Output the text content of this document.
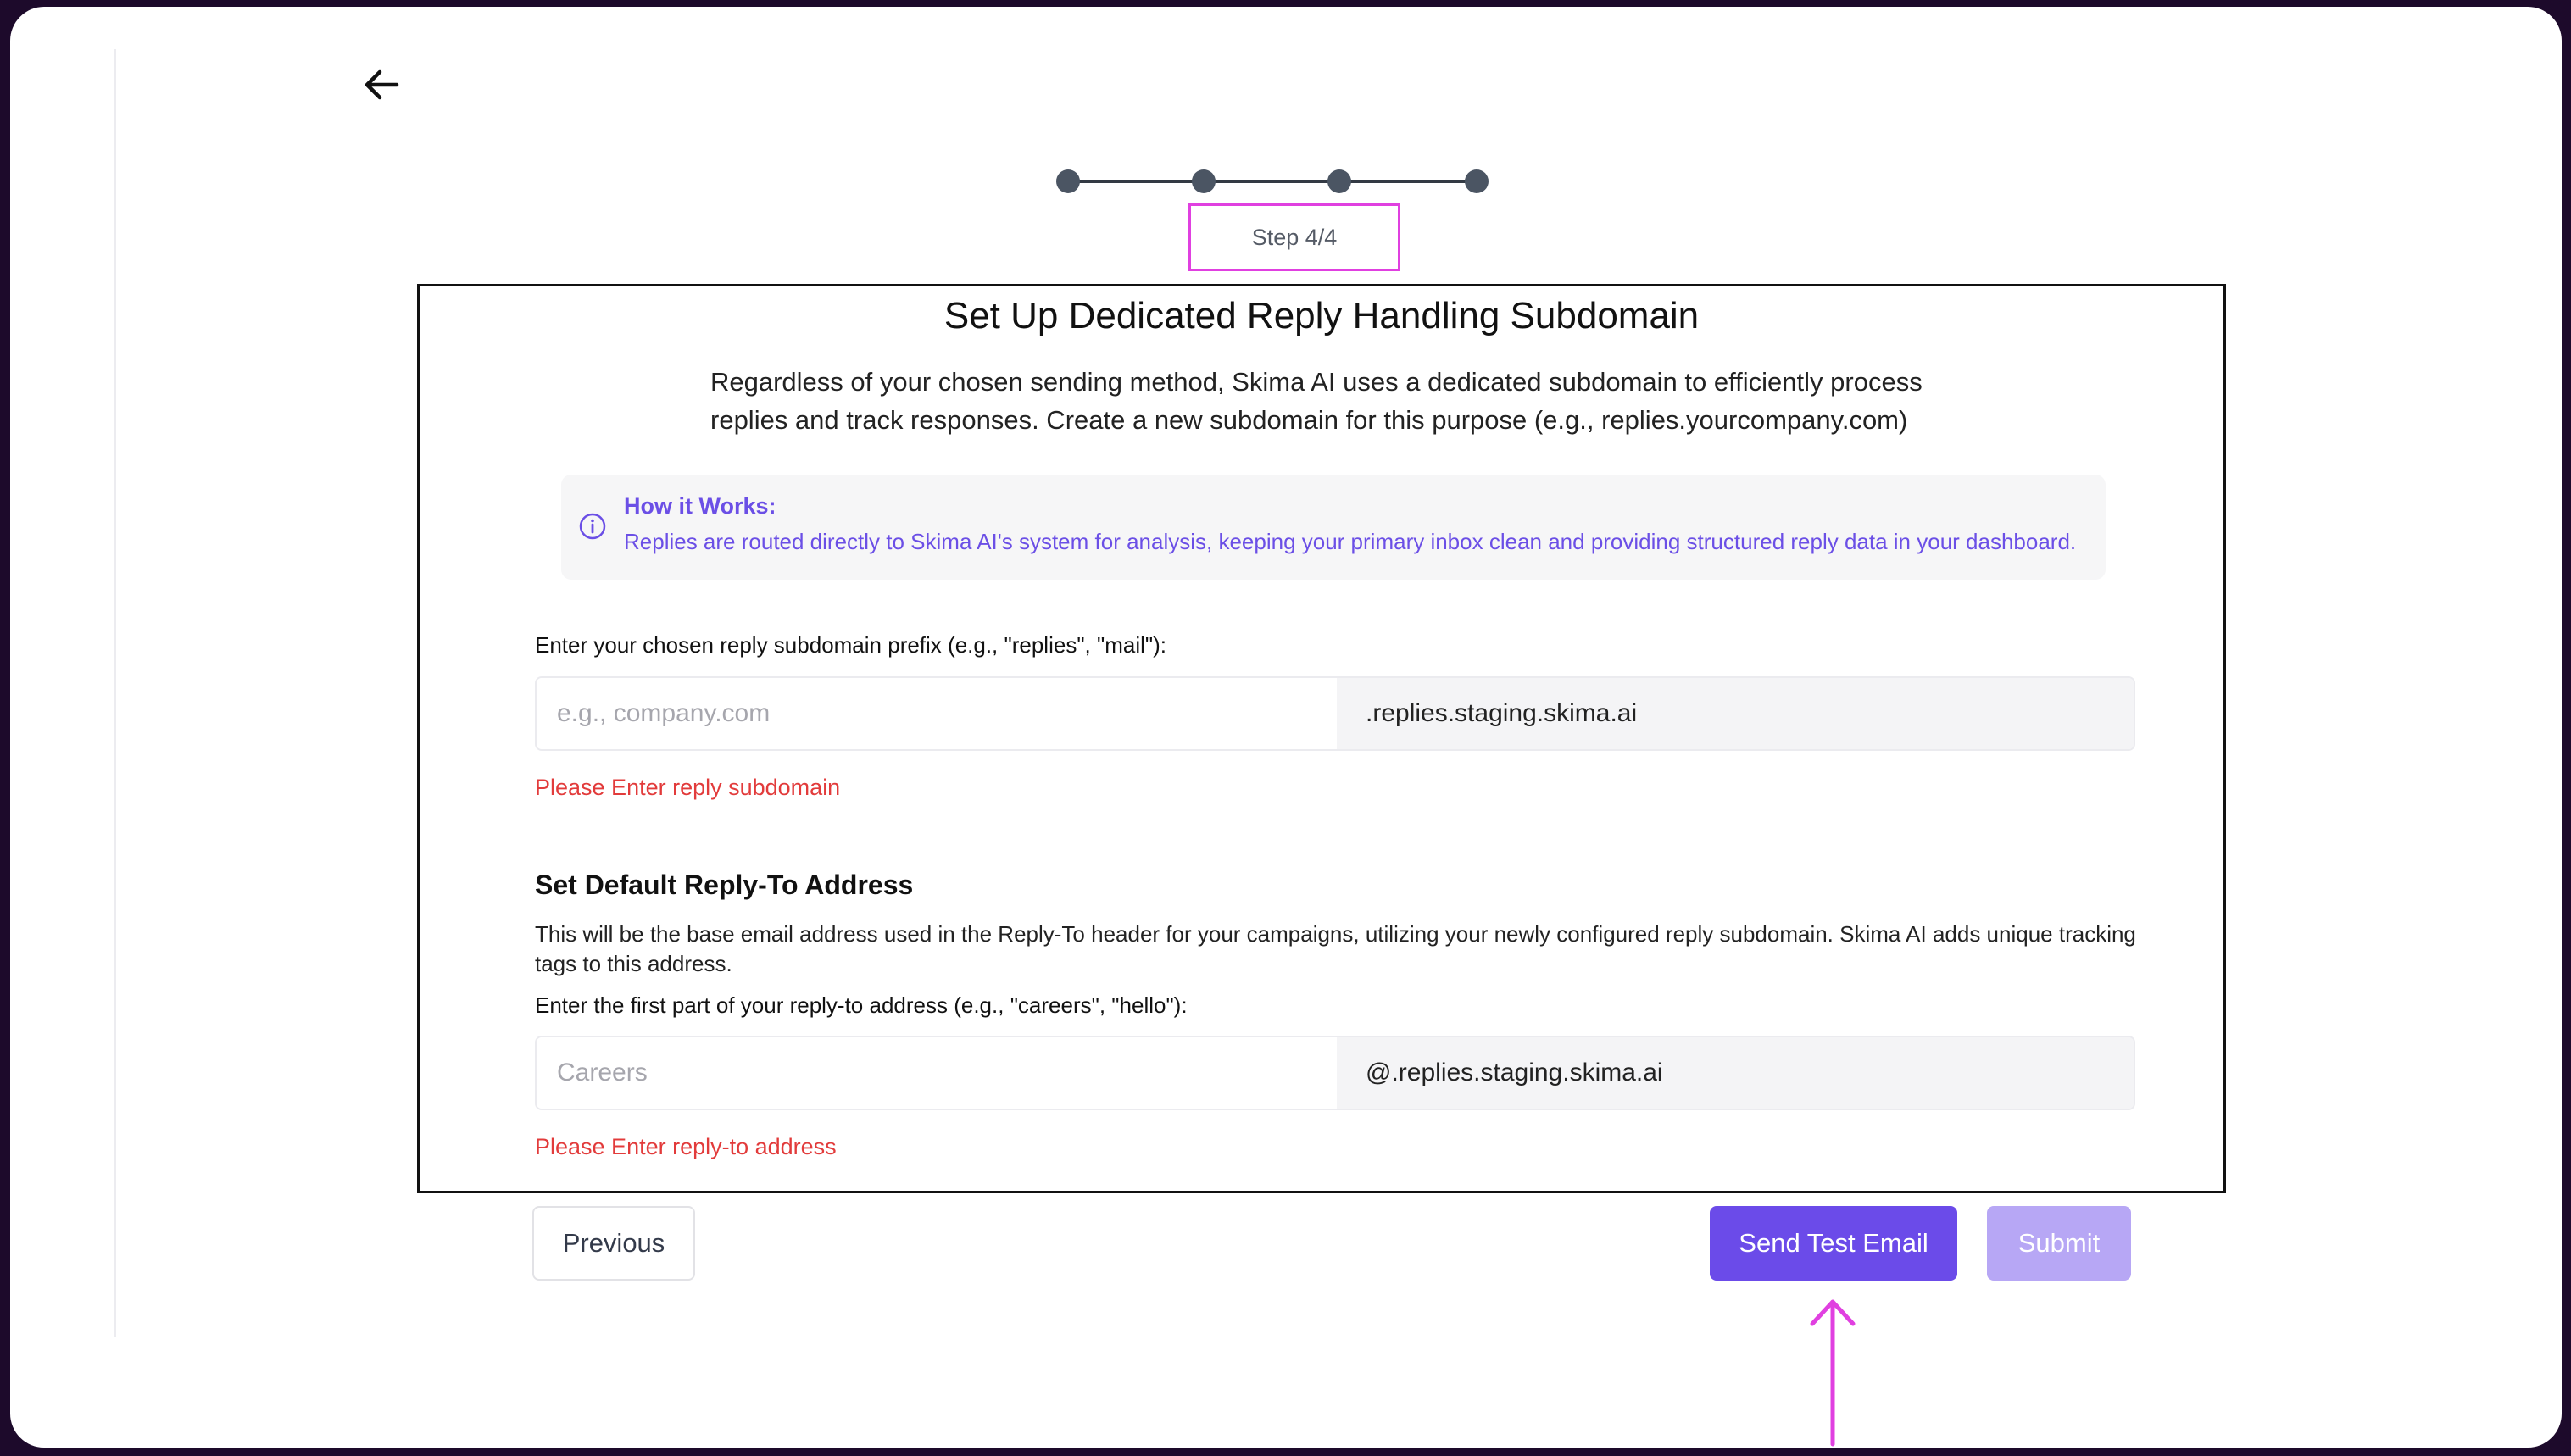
Step 4/4
Set Up Dedicated Reply Handling Subdomain
Regardless of your chosen sending method, Skima AI uses a dedicated subdomain to efficiently process replies and track responses. Create a new subdomain for this purpose (e.g., replies.yourcompany.com)
How it Works:
Replies are routed directly to Skima AI's system for analysis, keeping your primary inbox clean and providing structured reply data in your dashboard.
Enter your chosen reply subdomain prefix (e.g., "replies", "mail"):
e.g., company.com
.replies.staging.skima.ai
Please Enter reply subdomain
Set Default Reply-To Address
This will be the base email address used in the Reply-To header for your campaigns, utilizing your newly configured reply subdomain. Skima AI adds unique tracking tags to this address.
Enter the first part of your reply-to address (e.g., "careers", "hello"):
Careers
@.replies.staging.skima.ai
Please Enter reply-to address
Previous	Send Test Email	Submit
